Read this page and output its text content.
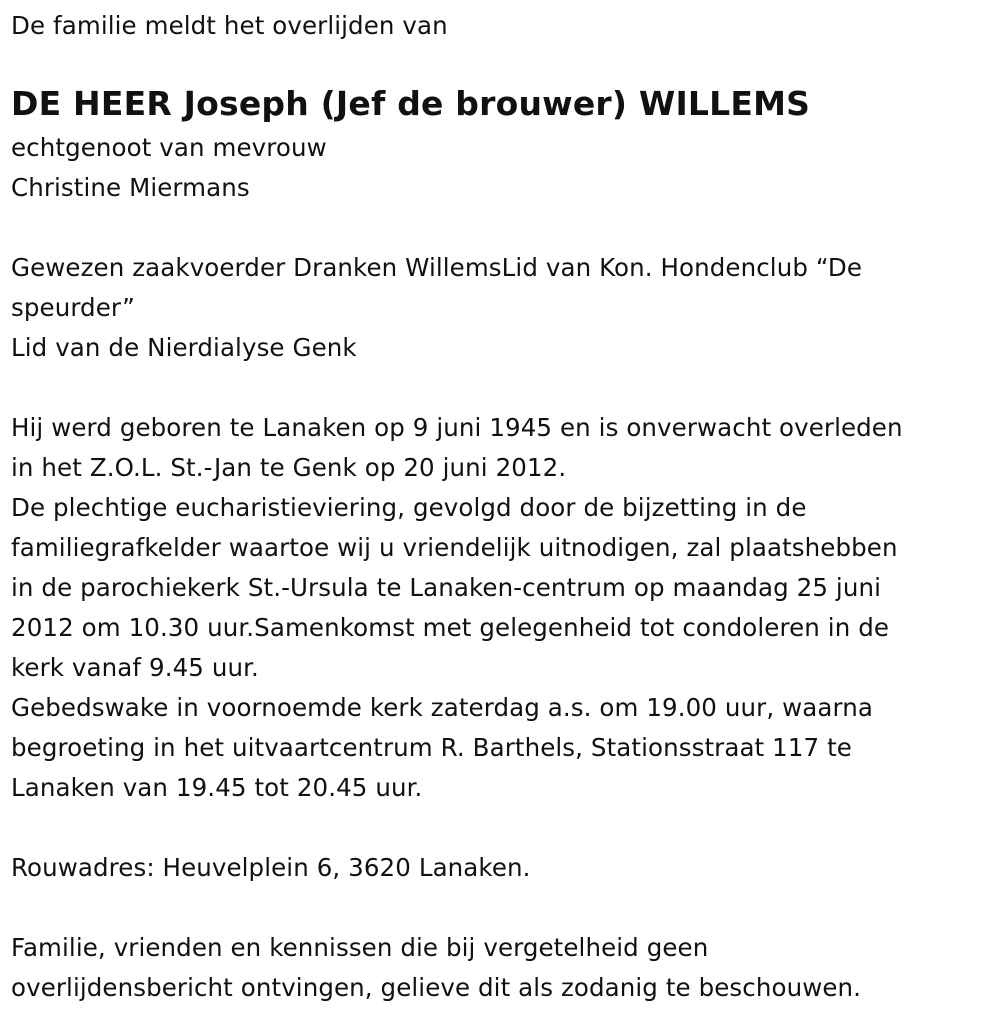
De familie meldt het overlijden van
DE HEER Joseph (Jef de brouwer) WILLEMS
echtgenoot van mevrouw
Christine Miermans
Gewezen zaakvoerder Dranken WillemsLid van Kon. Hondenclub “De
speurder”
Lid van de Nierdialyse Genk
Hij werd geboren te Lanaken op 9 juni 1945 en is onverwacht overleden
in het Z.O.L. St.-Jan te Genk op 20 juni 2012.
De plechtige eucharistieviering, gevolgd door de bijzetting in de
familiegrafkelder waartoe wij u vriendelijk uitnodigen, zal plaatshebben
in de parochiekerk St.-Ursula te Lanaken-centrum op maandag 25 juni
2012 om 10.30 uur.Samenkomst met gelegenheid tot condoleren in de
kerk vanaf 9.45 uur.
Gebedswake in voornoemde kerk zaterdag a.s. om 19.00 uur, waarna
begroeting in het uitvaartcentrum R. Barthels, Stationsstraat 117 te
Lanaken van 19.45 tot 20.45 uur.
Rouwadres: Heuvelplein 6, 3620 Lanaken.
Familie, vrienden en kennissen die bij vergetelheid geen
overlijdensbericht ontvingen, gelieve dit als zodanig te beschouwen.
